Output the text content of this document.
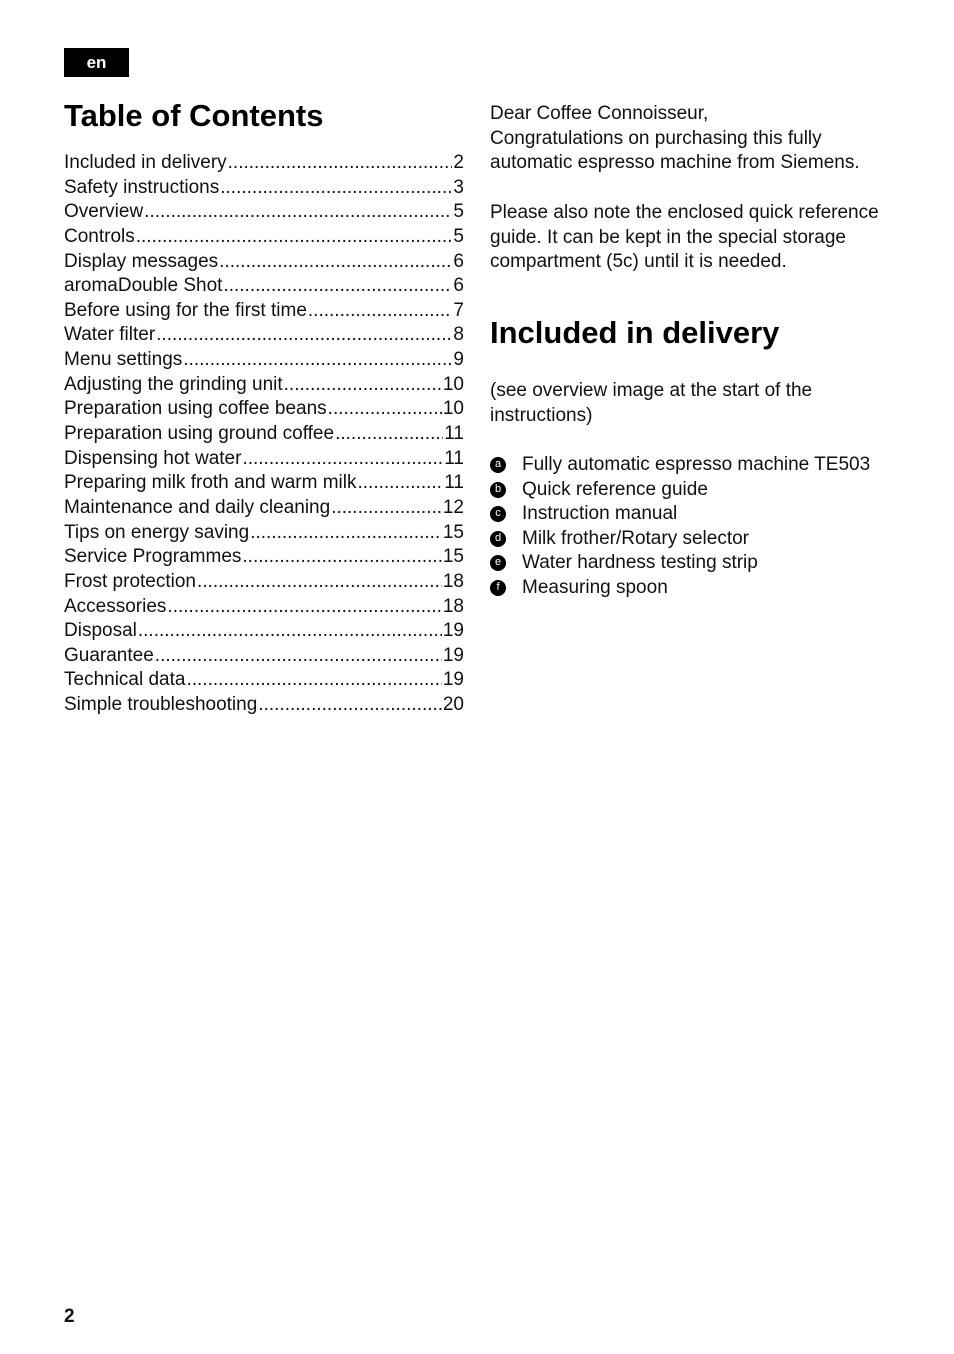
en
Table of Contents
Included in delivery .....	2
Safety instructions .....	3
Overview .....	5
Controls .....	5
Display messages .....	6
aromaDouble Shot .....	6
Before using for the first time .....	7
Water filter .....	8
Menu settings .....	9
Adjusting the grinding unit .....	10
Preparation using coffee beans .....	10
Preparation using ground coffee .....	11
Dispensing hot water .....	11
Preparing milk froth and warm milk .....	11
Maintenance and daily cleaning .....	12
Tips on energy saving .....	15
Service Programmes .....	15
Frost protection .....	18
Accessories .....	18
Disposal .....	19
Guarantee .....	19
Technical data .....	19
Simple troubleshooting .....	20

Dear Coffee Connoisseur,
Congratulations on purchasing this fully automatic espresso machine from Siemens.

Please also note the enclosed quick reference guide. It can be kept in the special storage compartment (5c) until it is needed.

Included in delivery

(see overview image at the start of the instructions)

a Fully automatic espresso machine TE503
b Quick reference guide
c Instruction manual
d Milk frother/Rotary selector
e Water hardness testing strip
f	Measuring spoon
2
